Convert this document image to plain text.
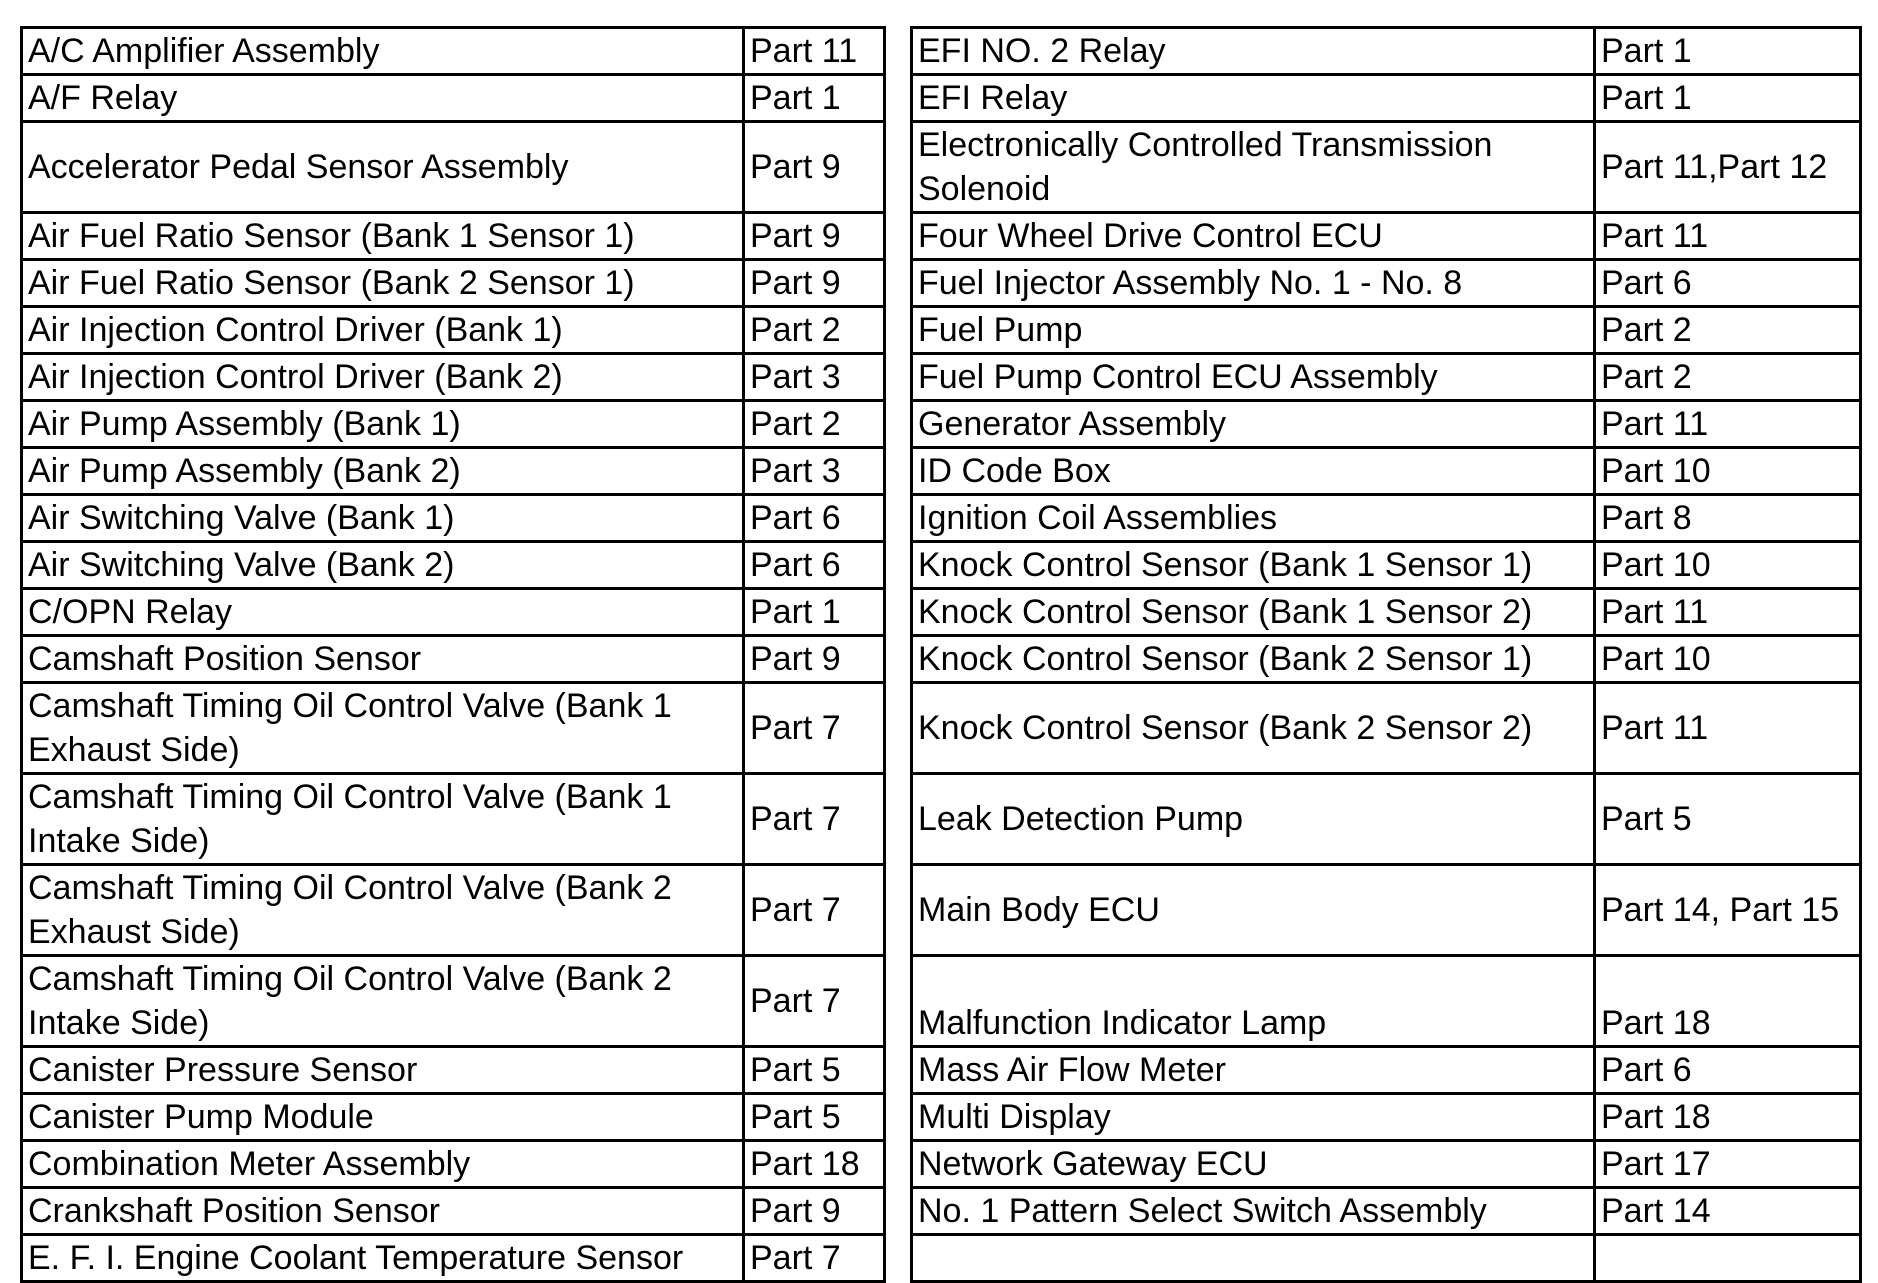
A/C Amplifier Assembly	Part 11		EFI NO. 2 Relay	Part 1
A/F Relay	Part 1		EFI Relay	Part 1
Accelerator Pedal Sensor Assembly	Part 9		Electronically Controlled Transmission Solenoid	Part 11,Part 12
Air Fuel Ratio Sensor (Bank 1 Sensor 1)	Part 9		Four Wheel Drive Control ECU	Part 11
Air Fuel Ratio Sensor (Bank 2 Sensor 1)	Part 9		Fuel Injector Assembly No. 1 - No. 8	Part 6
Air Injection Control Driver (Bank 1)	Part 2		Fuel Pump	Part 2
Air Injection Control Driver (Bank 2)	Part 3		Fuel Pump Control ECU Assembly	Part 2
Air Pump Assembly (Bank 1)	Part 2		Generator Assembly	Part 11
Air Pump Assembly (Bank 2)	Part 3		ID Code Box	Part 10
Air Switching Valve (Bank 1)	Part 6		Ignition Coil Assemblies	Part 8
Air Switching Valve (Bank 2)	Part 6		Knock Control Sensor (Bank 1 Sensor 1)	Part 10
C/OPN Relay	Part 1		Knock Control Sensor (Bank 1 Sensor 2)	Part 11
Camshaft Position Sensor	Part 9		Knock Control Sensor (Bank 2 Sensor 1)	Part 10
Camshaft Timing Oil Control Valve (Bank 1 Exhaust Side)	Part 7		Knock Control Sensor (Bank 2 Sensor 2)	Part 11
Camshaft Timing Oil Control Valve (Bank 1 Intake Side)	Part 7		Leak Detection Pump	Part 5
Camshaft Timing Oil Control Valve (Bank 2 Exhaust Side)	Part 7		Main Body ECU	Part 14, Part 15
Camshaft Timing Oil Control Valve (Bank 2 Intake Side)	Part 7		Malfunction Indicator Lamp	Part 18
Canister Pressure Sensor	Part 5		Mass Air Flow Meter	Part 6
Canister Pump Module	Part 5		Multi Display	Part 18
Combination Meter Assembly	Part 18		Network Gateway ECU	Part 17
Crankshaft Position Sensor	Part 9		No. 1 Pattern Select Switch Assembly	Part 14
E. F. I. Engine Coolant Temperature Sensor	Part 7			
